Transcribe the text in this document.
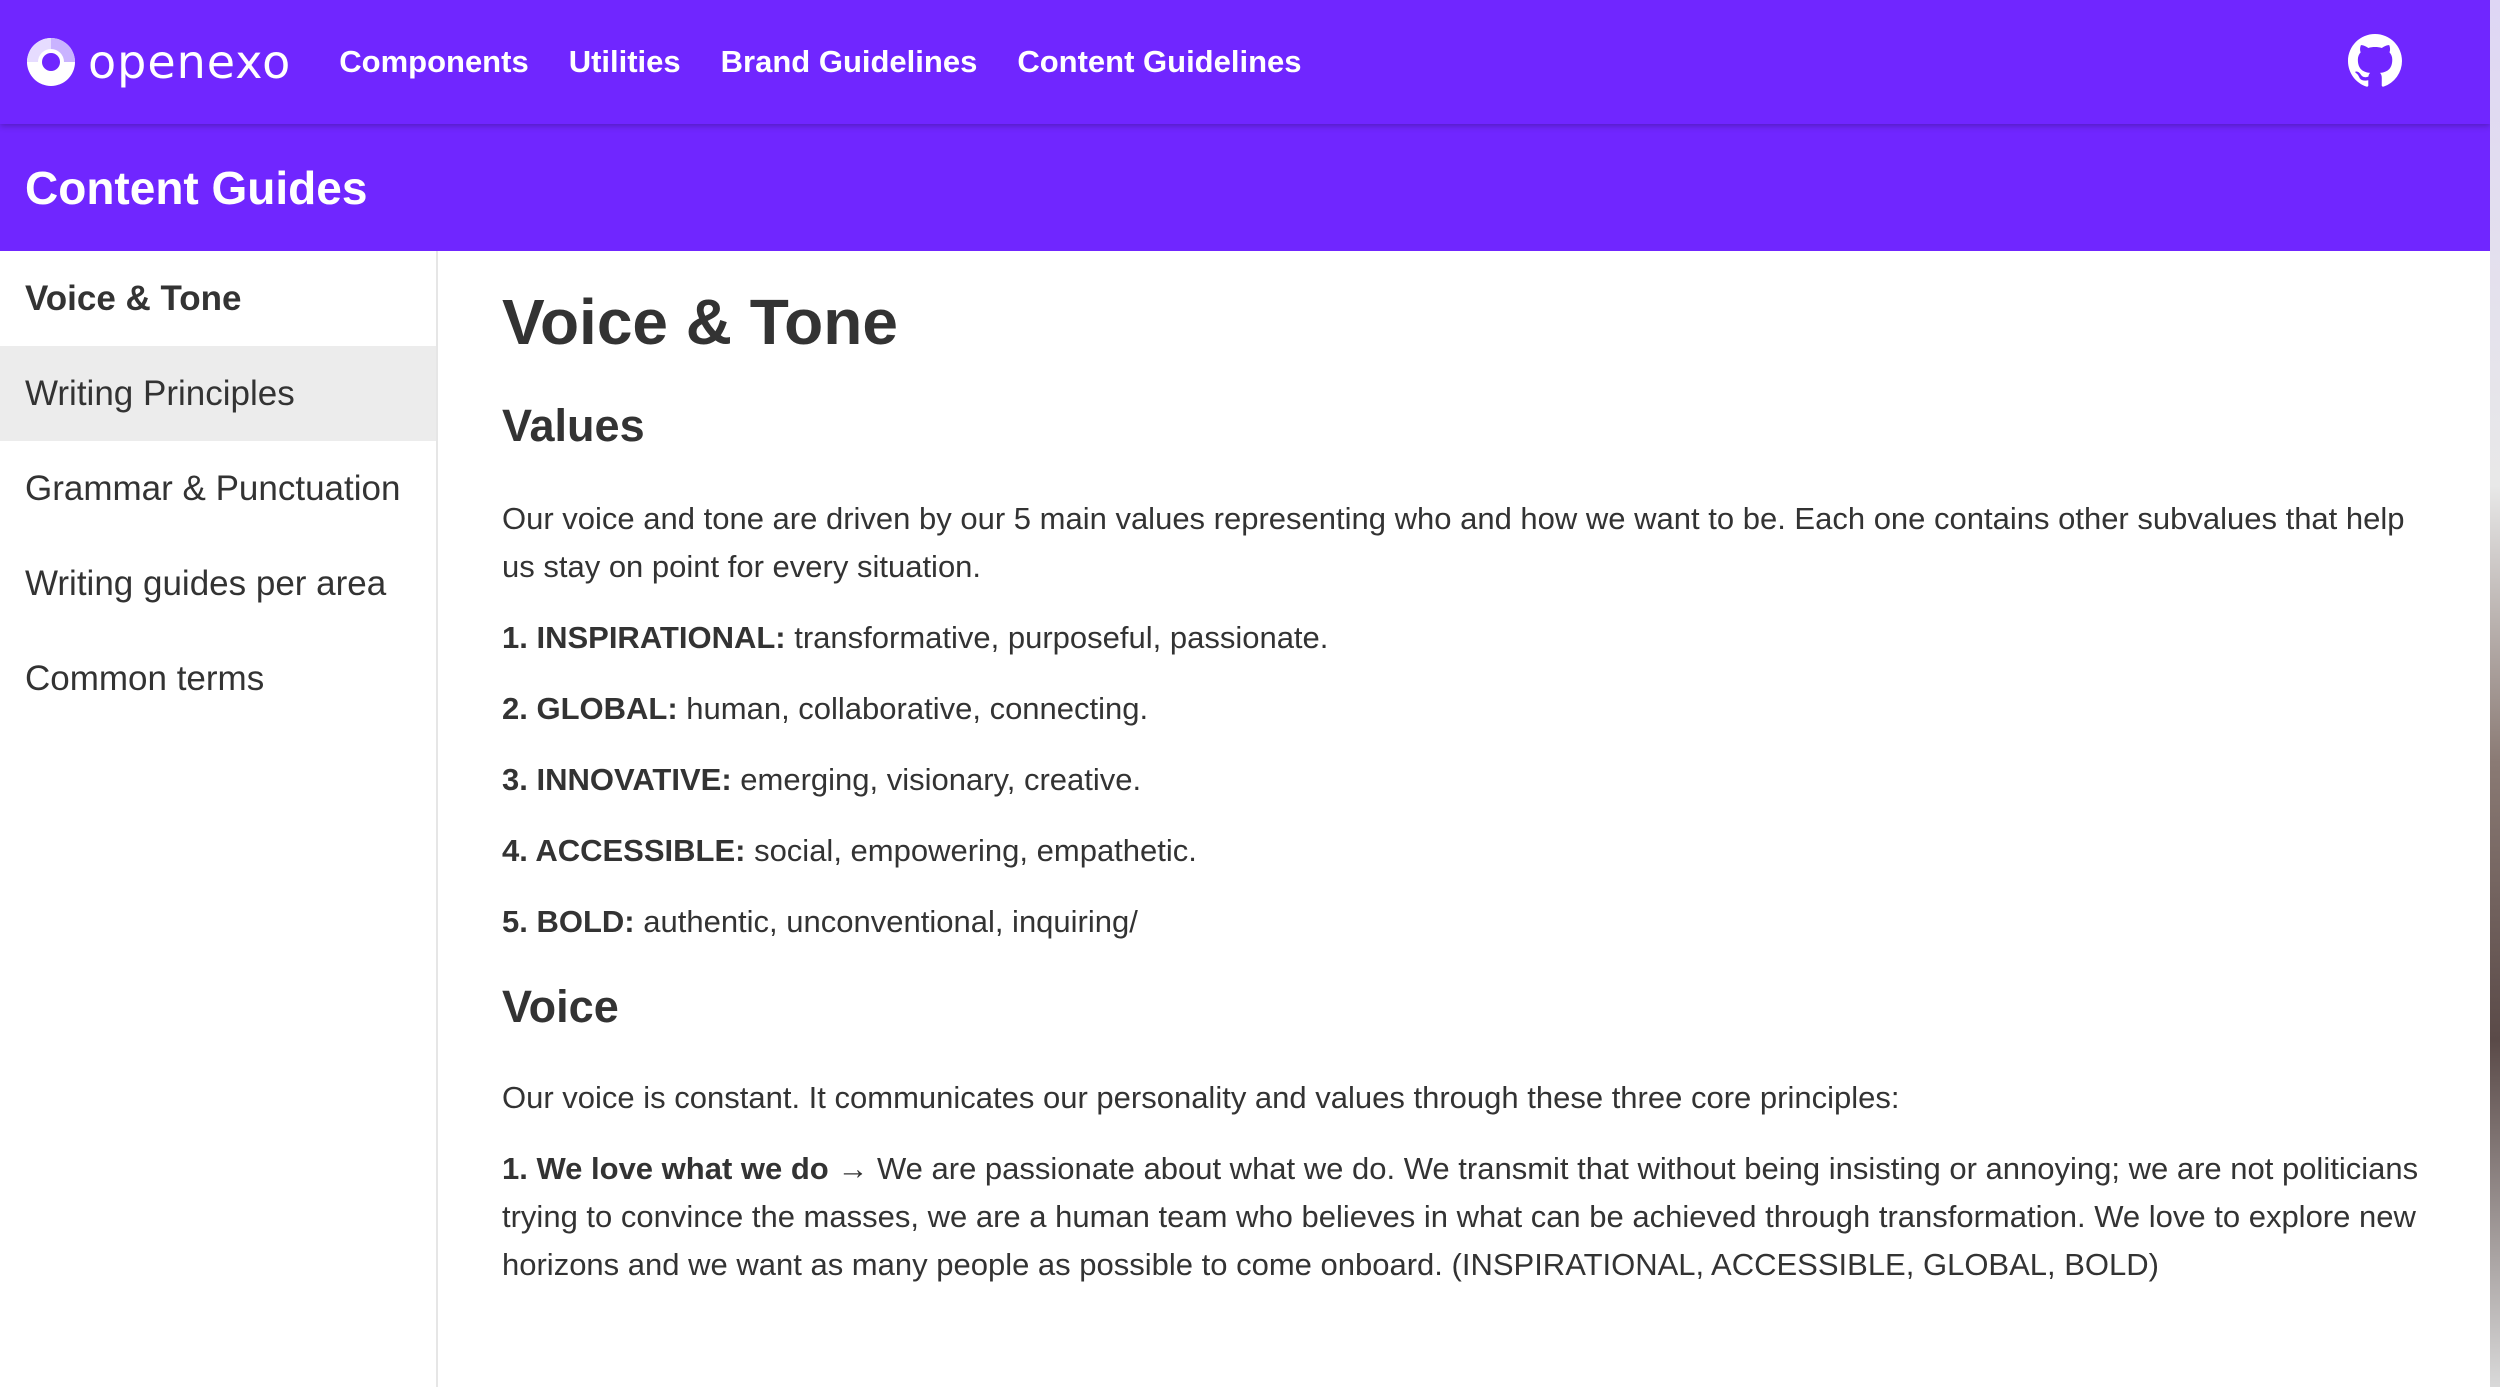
openexo Components Utilities Brand Guidelines Content Guidelines
Content Guides
Voice & Tone
Writing Principles
Grammar & Punctuation
Writing guides per area
Common terms
Voice & Tone
Values

Our voice and tone are driven by our 5 main values representing who and how we want to be. Each one contains other subvalues that help us stay on point for every situation.

1. INSPIRATIONAL: transformative, purposeful, passionate.

2. GLOBAL: human, collaborative, connecting.

3. INNOVATIVE: emerging, visionary, creative.

4. ACCESSIBLE: social, empowering, empathetic.

5. BOLD: authentic, unconventional, inquiring/

Voice

Our voice is constant. It communicates our personality and values through these three core principles:

1. We love what we do → We are passionate about what we do. We transmit that without being insisting or annoying; we are not politicians trying to convince the masses, we are a human team who believes in what can be achieved through transformation. We love to explore new horizons and we want as many people as possible to come onboard. (INSPIRATIONAL, ACCESSIBLE, GLOBAL, BOLD)
